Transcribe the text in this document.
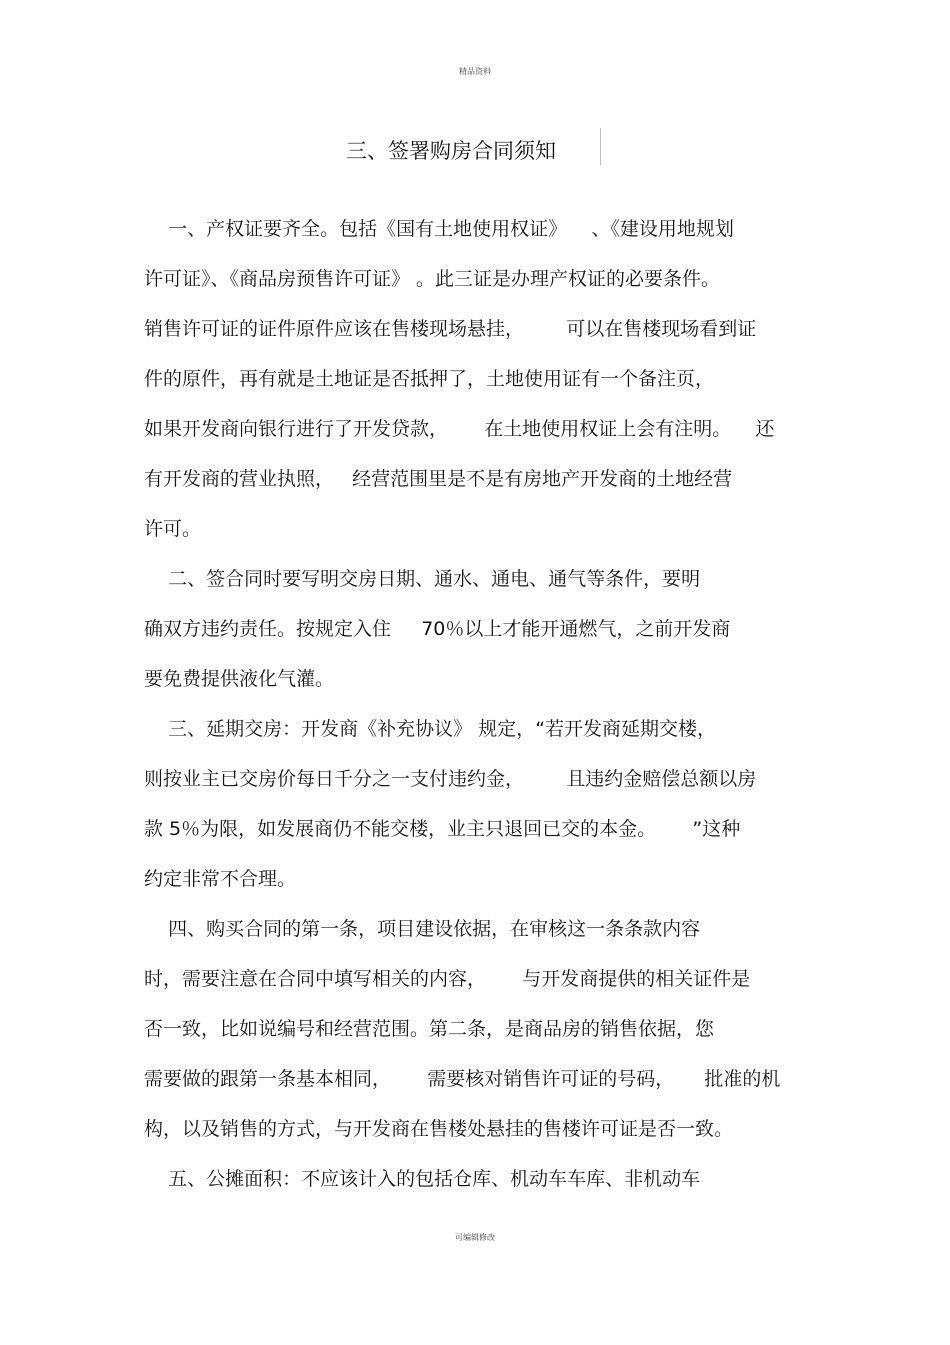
精品资料
三、签署购房合同须知
一、产权证要齐全。包括《国有土地使用权证》    、《建设用地规划
许可证》、《商品房预售许可证》 。此三证是办理产权证的必要条件。
销售许可证的证件原件应该在售楼现场悬挂，       可以在售楼现场看到证
件的原件，再有就是土地证是否抵押了，土地使用证有一个备注页，
如果开发商向银行进行了开发贷款，      在土地使用权证上会有注明。    还
有开发商的营业执照，   经营范围里是不是有房地产开发商的土地经营
许可。
二、签合同时要写明交房日期、通水、通电、通气等条件，要明
确双方违约责任。按规定入住     70％以上才能开通燃气，之前开发商
要免费提供液化气灌。
三、延期交房：开发商《补充协议》 规定，“若开发商延期交楼，
则按业主已交房价每日千分之一支付违约金，       且违约金赔偿总额以房
款 5％为限，如发展商仍不能交楼，业主只退回已交的本金。      ”这种
约定非常不合理。
四、购买合同的第一条，项目建设依据，在审核这一条条款内容
时，需要注意在合同中填写相关的内容，      与开发商提供的相关证件是
否一致，比如说编号和经营范围。第二条，是商品房的销售依据，您
需要做的跟第一条基本相同，      需要核对销售许可证的号码，     批准的机
构，以及销售的方式，与开发商在售楼处悬挂的售楼许可证是否一致。
五、公摊面积：不应该计入的包括仓库、机动车车库、非机动车
可编辑修改
